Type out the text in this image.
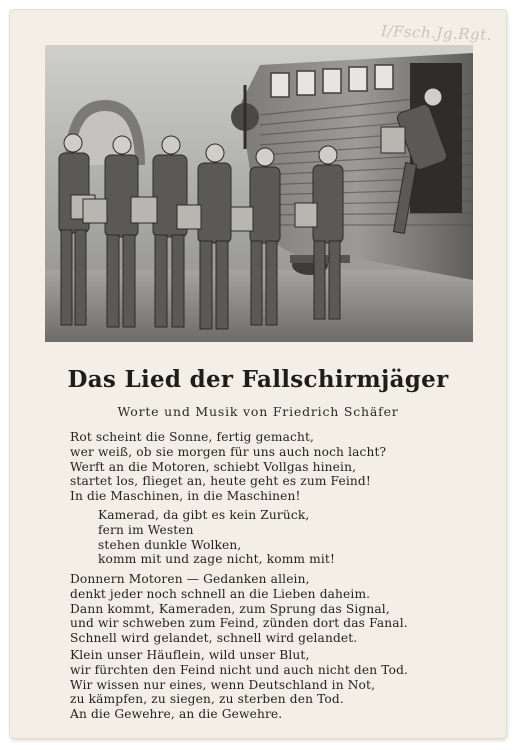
I/Fsch.Jg.Rgt.
Das Lied der Fallschirmjäger
Worte und Musik von Friedrich Schäfer
Rot scheint die Sonne, fertig gemacht,
wer weiß, ob sie morgen für uns auch noch lacht?
Werft an die Motoren, schiebt Vollgas hinein,
startet los, flieget an, heute geht es zum Feind!
In die Maschinen, in die Maschinen!
Kamerad, da gibt es kein Zurück,
fern im Westen
stehen dunkle Wolken,
komm mit und zage nicht, komm mit!
Donnern Motoren — Gedanken allein,
denkt jeder noch schnell an die Lieben daheim.
Dann kommt, Kameraden, zum Sprung das Signal,
und wir schweben zum Feind, zünden dort das Fanal.
Schnell wird gelandet, schnell wird gelandet.
Klein unser Häuflein, wild unser Blut,
wir fürchten den Feind nicht und auch nicht den Tod.
Wir wissen nur eines, wenn Deutschland in Not,
zu kämpfen, zu siegen, zu sterben den Tod.
An die Gewehre, an die Gewehre.
